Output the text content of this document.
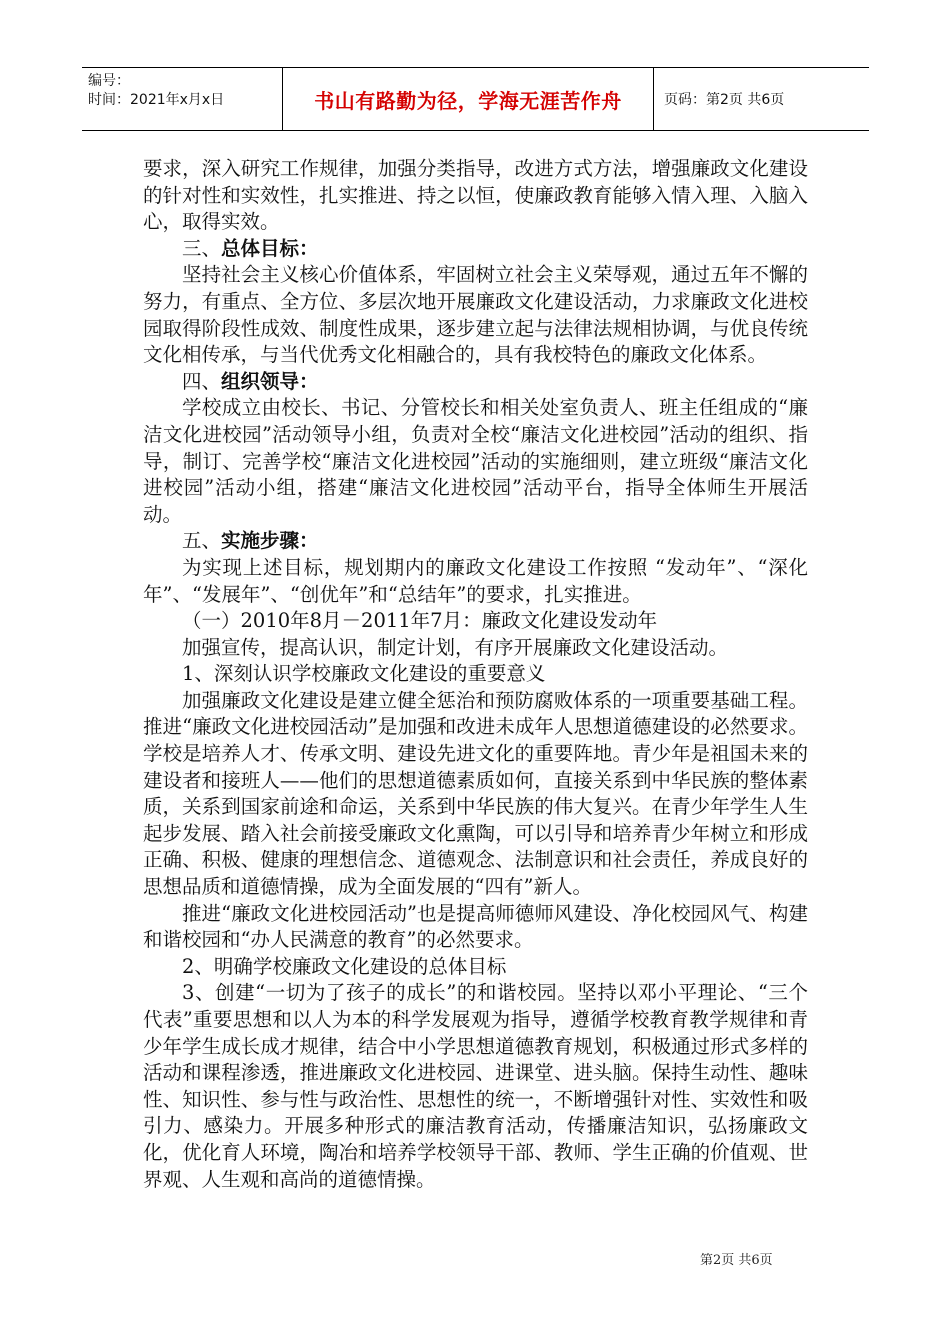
编号：
时间：2021年x月x日	书山有路勤为径，学海无涯苦作舟	页码：第2页 共6页

要求，深入研究工作规律，加强分类指导，改进方式方法，增强廉政文化建设的针对性和实效性，扎实推进、持之以恒，使廉政教育能够入情入理、入脑入心，取得实效。

三、总体目标：

坚持社会主义核心价值体系，牢固树立社会主义荣辱观，通过五年不懈的努力，有重点、全方位、多层次地开展廉政文化建设活动，力求廉政文化进校园取得阶段性成效、制度性成果，逐步建立起与法律法规相协调，与优良传统文化相传承，与当代优秀文化相融合的，具有我校特色的廉政文化体系。

四、组织领导：

学校成立由校长、书记、分管校长和相关处室负责人、班主任组成的“廉洁文化进校园”活动领导小组，负责对全校“廉洁文化进校园”活动的组织、指导，制订、完善学校“廉洁文化进校园”活动的实施细则，建立班级“廉洁文化进校园”活动小组，搭建“廉洁文化进校园”活动平台，指导全体师生开展活动。

五、实施步骤：

为实现上述目标，规划期内的廉政文化建设工作按照 “发动年”、“深化年”、“发展年”、“创优年”和“总结年”的要求，扎实推进。

（一）2010年8月－2011年7月：廉政文化建设发动年

加强宣传，提高认识，制定计划，有序开展廉政文化建设活动。

1、深刻认识学校廉政文化建设的重要意义

加强廉政文化建设是建立健全惩治和预防腐败体系的一项重要基础工程。推进“廉政文化进校园活动”是加强和改进未成年人思想道德建设的必然要求。学校是培养人才、传承文明、建设先进文化的重要阵地。青少年是祖国未来的建设者和接班人——他们的思想道德素质如何，直接关系到中华民族的整体素质，关系到国家前途和命运，关系到中华民族的伟大复兴。在青少年学生人生起步发展、踏入社会前接受廉政文化熏陶，可以引导和培养青少年树立和形成正确、积极、健康的理想信念、道德观念、法制意识和社会责任，养成良好的思想品质和道德情操，成为全面发展的“四有”新人。

推进“廉政文化进校园活动”也是提高师德师风建设、净化校园风气、构建和谐校园和“办人民满意的教育”的必然要求。

2、明确学校廉政文化建设的总体目标

3、创建“一切为了孩子的成长”的和谐校园。坚持以邓小平理论、“三个代表”重要思想和以人为本的科学发展观为指导，遵循学校教育教学规律和青少年学生成长成才规律，结合中小学思想道德教育规划，积极通过形式多样的活动和课程渗透，推进廉政文化进校园、进课堂、进头脑。保持生动性、趣味性、知识性、参与性与政治性、思想性的统一，不断增强针对性、实效性和吸引力、感染力。开展多种形式的廉洁教育活动，传播廉洁知识，弘扬廉政文化，优化育人环境，陶冶和培养学校领导干部、教师、学生正确的价值观、世界观、人生观和高尚的道德情操。

第2页 共6页
